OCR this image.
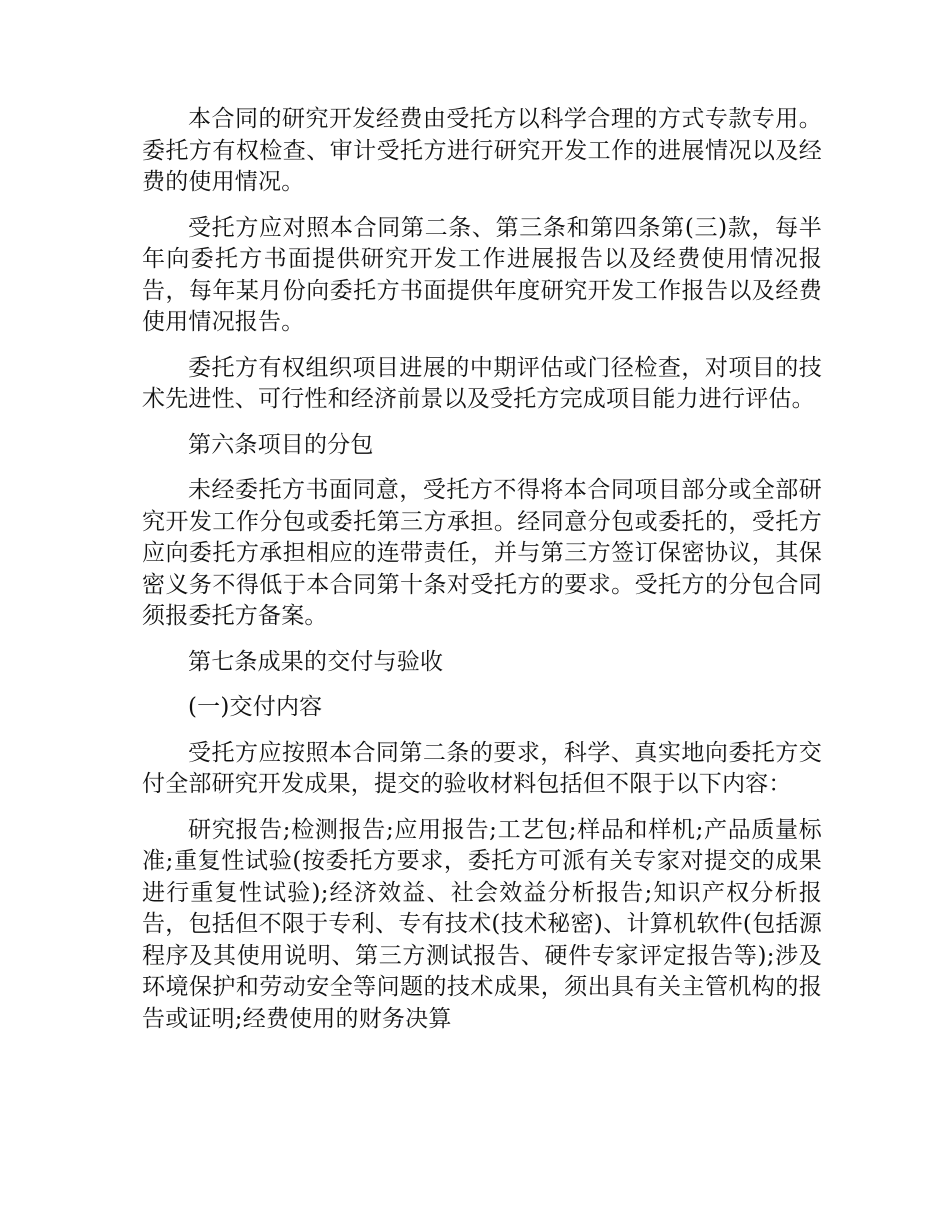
本合同的研究开发经费由受托方以科学合理的方式专款专用。委托方有权检查、审计受托方进行研究开发工作的进展情况以及经费的使用情况。

受托方应对照本合同第二条、第三条和第四条第(三)款，每半年向委托方书面提供研究开发工作进展报告以及经费使用情况报告，每年某月份向委托方书面提供年度研究开发工作报告以及经费使用情况报告。

委托方有权组织项目进展的中期评估或门径检查，对项目的技术先进性、可行性和经济前景以及受托方完成项目能力进行评估。

第六条项目的分包

未经委托方书面同意，受托方不得将本合同项目部分或全部研究开发工作分包或委托第三方承担。经同意分包或委托的，受托方应向委托方承担相应的连带责任，并与第三方签订保密协议，其保密义务不得低于本合同第十条对受托方的要求。受托方的分包合同须报委托方备案。

第七条成果的交付与验收

(一)交付内容

受托方应按照本合同第二条的要求，科学、真实地向委托方交付全部研究开发成果，提交的验收材料包括但不限于以下内容：

研究报告;检测报告;应用报告;工艺包;样品和样机;产品质量标准;重复性试验(按委托方要求，委托方可派有关专家对提交的成果进行重复性试验);经济效益、社会效益分析报告;知识产权分析报告，包括但不限于专利、专有技术(技术秘密)、计算机软件(包括源程序及其使用说明、第三方测试报告、硬件专家评定报告等);涉及环境保护和劳动安全等问题的技术成果，须出具有关主管机构的报告或证明;经费使用的财务决算
